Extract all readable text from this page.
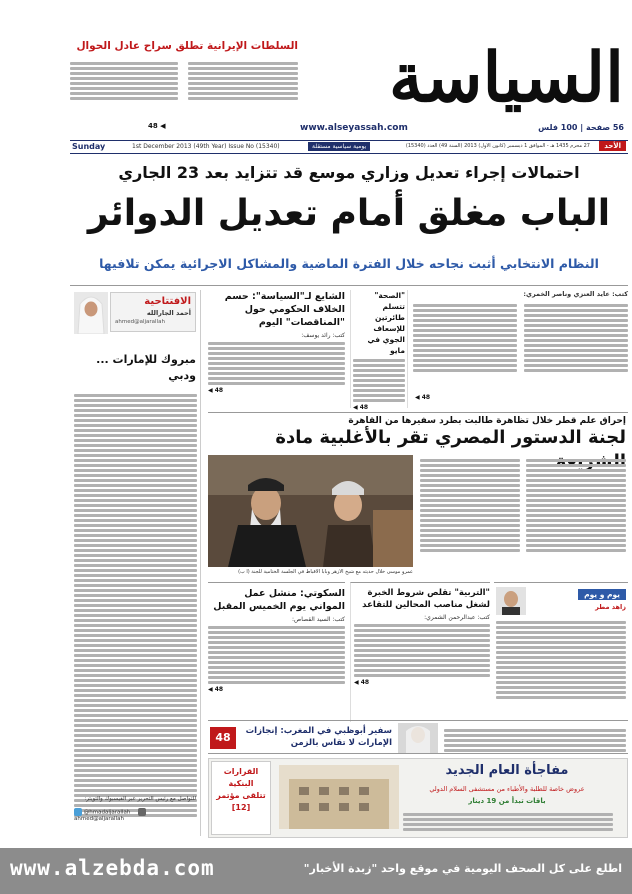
السلطات الإيرانية تطلق سراح عادل الحوال
48 ◀
السياسة
www.alseyassah.com	56 صفحة | 100 فلس
Sunday	1st December 2013 (49th Year) Issue No (15340)	يومية سياسية مستقلة	27 محرم 1435 هـ - الموافق 1 ديسمبر (كانون الأول) 2013 (السنة 49) العدد (15340)	الأحد
احتمالات إجراء تعديل وزاري موسع قد تتزايد بعد 23 الجاري
الباب مغلق أمام تعديل الدوائر
النظام الانتخابي أثبت نجاحه خلال الفترة الماضية والمشاكل الاجرائية يمكن تلافيها
الافتتاحية
أحمد الجارالله
ahmed@aljarallah
مبروك للإمارات ... ودبي
للتواصل مع رئيس التحرير عبر الفيسبوك والتويتر:
@hmadaljarallah  ahmed@aljarallah
الشايع لـ"السياسة": حسم الخلاف الحكومي حول "المناقصات" اليوم
كتب: رائد يوسف:
◀ 48
"الصحة" تتسلم طائرتين للإسعاف الجوي في مايو
◀ 48
كتب: عايد العنزي وناصر الخمري:
◀ 48
إحراق علم قطر خلال تظاهرة طالبت بطرد سفيرها من القاهرة
لجنة الدستور المصري تقر بالأغلبية مادة
عمرو موسى خلال حديثه مع شيخ الأزهر وبابا الأقباط في الجلسة الختامية للجنة (أ ب)
السكوتي: منشل عمل المواني يوم الخميس المقبل
كتب: السيد القصاص:
◀ 48
"التربية" تقلص شروط الخبرة لشغل مناصب المحالين للتقاعد
كتب: عبدالرحمن الشمري:
◀ 48
يوم و يوم
زاهد مطر
48	سفير أبوظبي في المغرب: إنجازات الإمارات لا تقاس بالزمن
القرارات البنكية تتلقى مؤتمر [12]
مفاجأة العام الجديد
عروض خاصة للطلبة والأطباء من مستشفى السلام الدولي
باقات تبدأ من 19 دينار
www.alzebda.com	اطلع على كل الصحف اليومية في موقع واحد "زبدة الأخبار"
